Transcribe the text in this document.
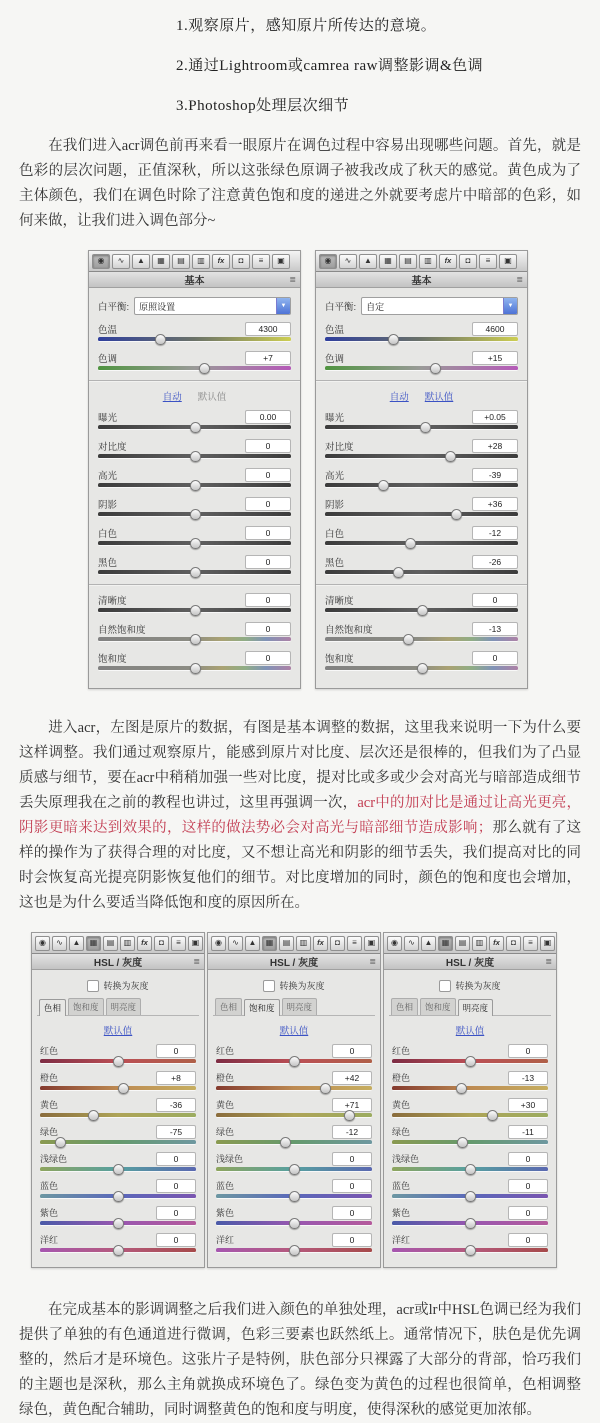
1.观察原片，感知原片所传达的意境。
2.通过Lightroom或camrea raw调整影调&色调
3.Photoshop处理层次细节

在我们进入acr调色前再来看一眼原片在调色过程中容易出现哪些问题。首先，就是色彩的层次问题，正值深秋，所以这张绿色原调子被我改成了秋天的感觉。黄色成为了主体颜色，我们在调色时除了注意黄色饱和度的递进之外就要考虑片中暗部的色彩，如何来做，让我们进入调色部分~

◉	∿	▲	▦	▤	▥	fx	◘	≡	▣
基本	≣
白平衡:	原照设置	▼
色温	4300
色调	+7
自动 默认值
曝光	0.00
对比度	0
高光	0
阴影	0
白色	0
黑色	0
清晰度	0
自然饱和度	0
饱和度	0
◉	∿	▲	▦	▤	▥	fx	◘	≡	▣
基本	≣
白平衡:	自定	▼
色温	4600
色调	+15
自动 默认值
曝光	+0.05
对比度	+28
高光	-39
阴影	+36
白色	-12
黑色	-26
清晰度	0
自然饱和度	-13
饱和度	0

进入acr，左图是原片的数据，有图是基本调整的数据，这里我来说明一下为什么要这样调整。我们通过观察原片，能感到原片对比度、层次还是很棒的，但我们为了凸显质感与细节，要在acr中稍稍加强一些对比度，提对比或多或少会对高光与暗部造成细节丢失原理我在之前的教程也讲过，这里再强调一次，acr中的加对比是通过让高光更亮，阴影更暗来达到效果的，这样的做法势必会对高光与暗部细节造成影响；那么就有了这样的操作为了获得合理的对比度，又不想让高光和阴影的细节丢失，我们提高对比的同时会恢复高光提亮阴影恢复他们的细节。对比度增加的同时，颜色的饱和度也会增加，这也是为什么要适当降低饱和度的原因所在。

◉	∿	▲	▦	▤	▥	fx	◘	≡	▣
HSL / 灰度	≣
转换为灰度
色相	饱和度	明亮度
默认值
红色	0
橙色	+8
黄色	-36
绿色	-75
浅绿色	0
蓝色	0
紫色	0
洋红	0
◉	∿	▲	▦	▤	▥	fx	◘	≡	▣
HSL / 灰度	≣
转换为灰度
色相	饱和度	明亮度
默认值
红色	0
橙色	+42
黄色	+71
绿色	-12
浅绿色	0
蓝色	0
紫色	0
洋红	0
◉	∿	▲	▦	▤	▥	fx	◘	≡	▣
HSL / 灰度	≣
转换为灰度
色相	饱和度	明亮度
默认值
红色	0
橙色	-13
黄色	+30
绿色	-11
浅绿色	0
蓝色	0
紫色	0
洋红	0

在完成基本的影调调整之后我们进入颜色的单独处理，acr或lr中HSL色调已经为我们提供了单独的有色通道进行微调，色彩三要素也跃然纸上。通常情况下，肤色是优先调整的，然后才是环境色。这张片子是特例，肤色部分只裸露了大部分的背部，恰巧我们的主题也是深秋，那么主角就换成环境色了。绿色变为黄色的过程也很简单，色相调整绿色，黄色配合辅助，同时调整黄色的饱和度与明度，使得深秋的感觉更加浓郁。
